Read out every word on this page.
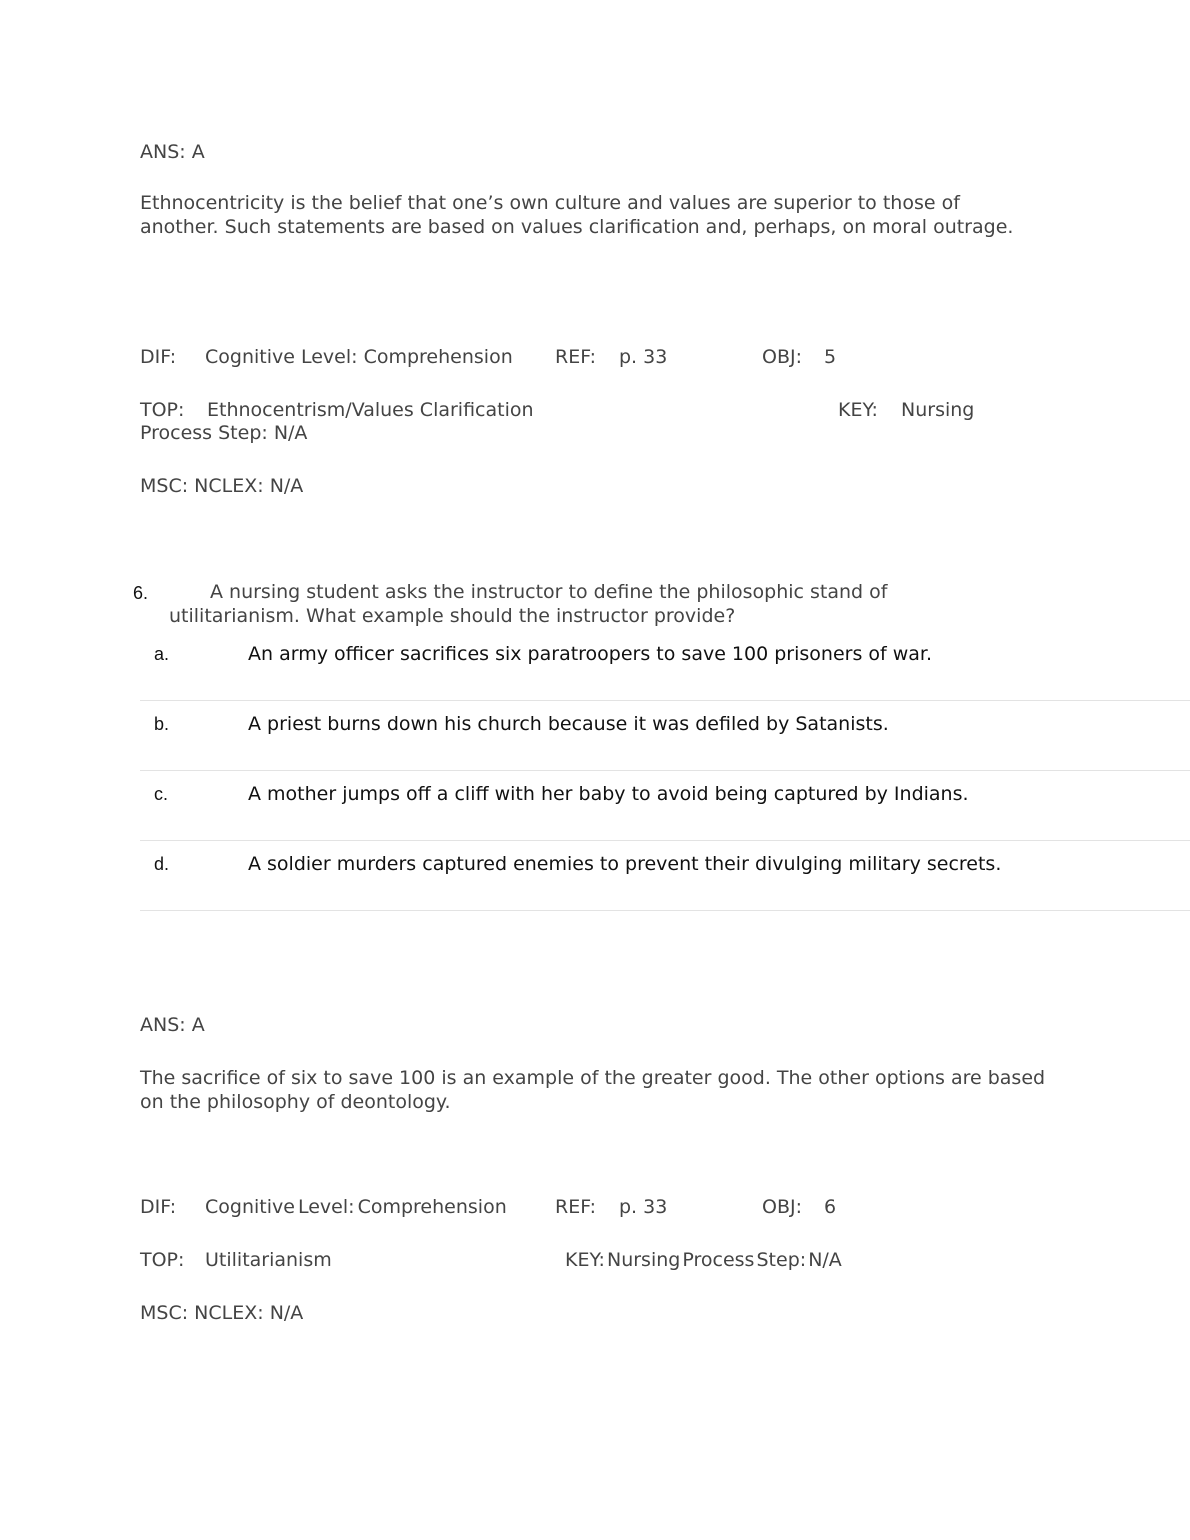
ANS: A
Ethnocentricity is the belief that one’s own culture and values are superior to those of another. Such statements are based on values clarification and, perhaps, on moral outrage.
DIF: Cognitive Level: Comprehension REF: p. 33	OBJ: 5
TOP: Ethnocentrism/Values Clarification	KEY: Nursing
Process Step: N/A
MSC: NCLEX: N/A
6.	A nursing student asks the instructor to define the philosophic stand of
utilitarianism. What example should the instructor provide?
a.	An army officer sacrifices six paratroopers to save 100 prisoners of war.
b.	A priest burns down his church because it was defiled by Satanists.
c.	A mother jumps off a cliff with her baby to avoid being captured by Indians.
d.	A soldier murders captured enemies to prevent their divulging military secrets.
ANS: A
The sacrifice of six to save 100 is an example of the greater good. The other options are based on the philosophy of deontology.
DIF: Cognitive Level: Comprehension	REF: p. 33	OBJ: 6
TOP: Utilitarianism	KEY: Nursing Process Step: N/A
MSC: NCLEX: N/A
